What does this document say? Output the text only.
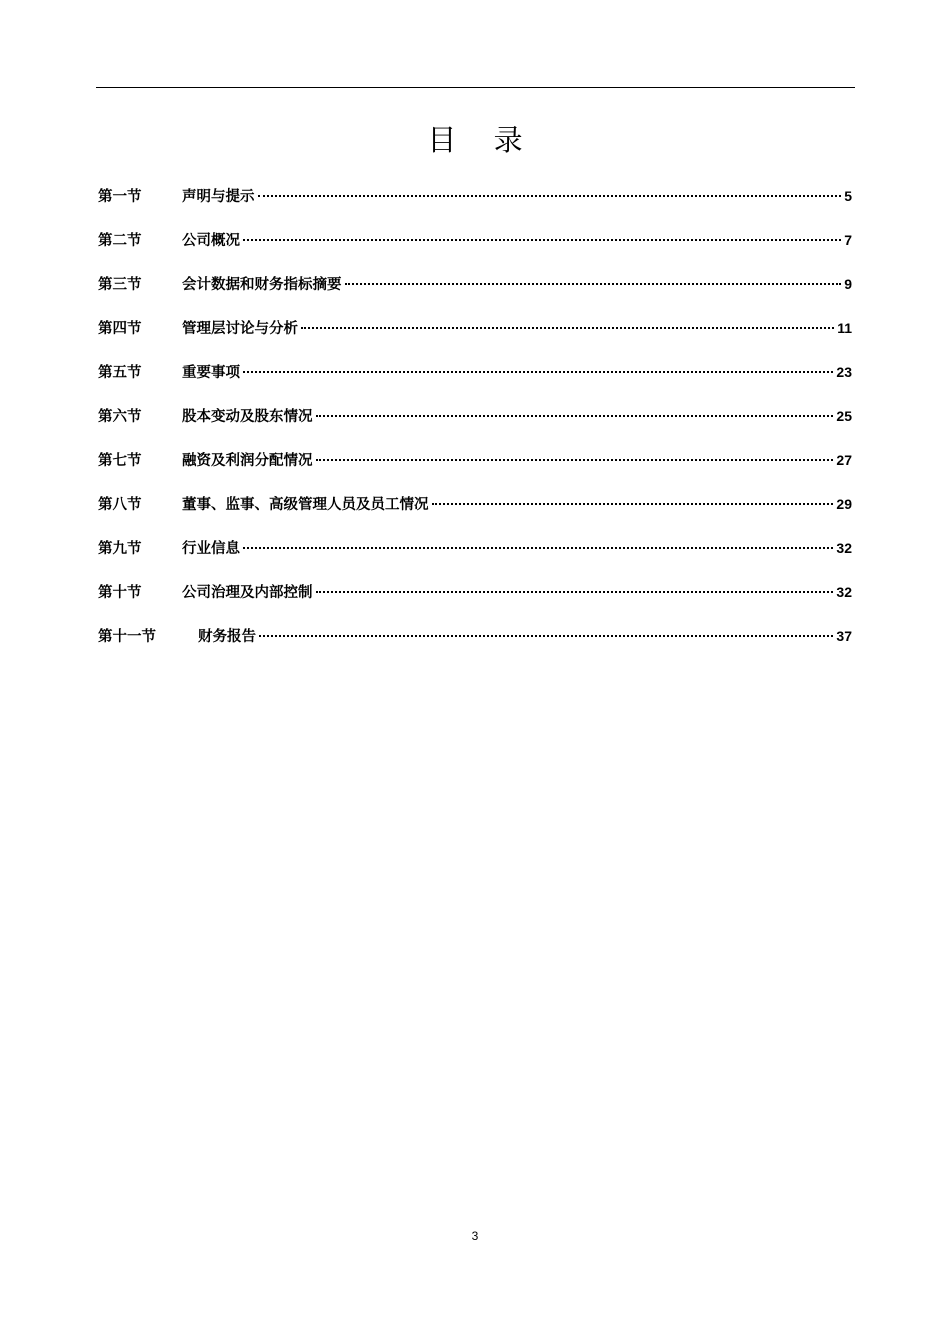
目 录
第一节	声明与提示	5
第二节	公司概况	7
第三节	会计数据和财务指标摘要	9
第四节	管理层讨论与分析	11
第五节	重要事项	23
第六节	股本变动及股东情况	25
第七节	融资及利润分配情况	27
第八节	董事、监事、高级管理人员及员工情况	29
第九节	行业信息	32
第十节	公司治理及内部控制	32
第十一节	财务报告	37
3
